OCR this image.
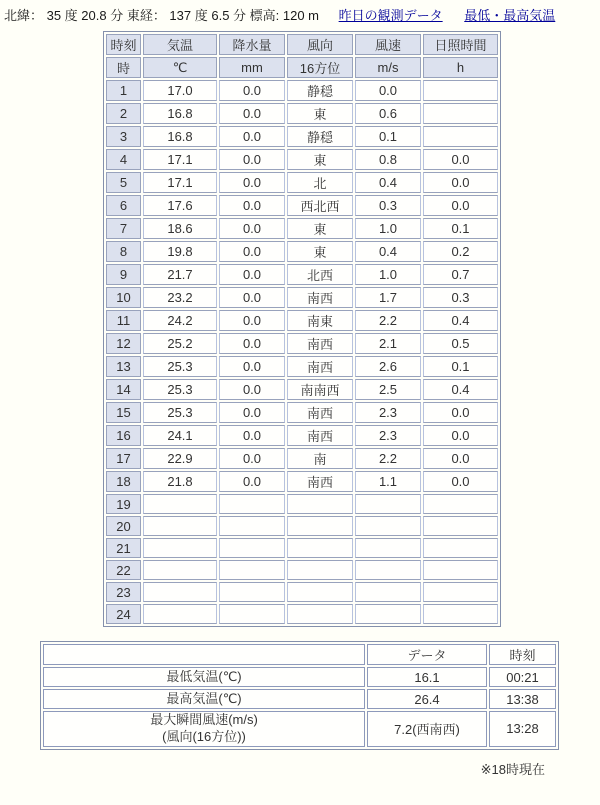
北緯： 35 度 20.8 分 東経： 137 度 6.5 分 標高: 120 m 昨日の観測データ 最低・最高気温
時刻	気温	降水量	風向	風速	日照時間
時	℃	mm	16方位	m/s	h
1	17.0	0.0	静穏	0.0	
2	16.8	0.0	東	0.6	
3	16.8	0.0	静穏	0.1	
4	17.1	0.0	東	0.8	0.0
5	17.1	0.0	北	0.4	0.0
6	17.6	0.0	西北西	0.3	0.0
7	18.6	0.0	東	1.0	0.1
8	19.8	0.0	東	0.4	0.2
9	21.7	0.0	北西	1.0	0.7
10	23.2	0.0	南西	1.7	0.3
11	24.2	0.0	南東	2.2	0.4
12	25.2	0.0	南西	2.1	0.5
13	25.3	0.0	南西	2.6	0.1
14	25.3	0.0	南南西	2.5	0.4
15	25.3	0.0	南西	2.3	0.0
16	24.1	0.0	南西	2.3	0.0
17	22.9	0.0	南	2.2	0.0
18	21.8	0.0	南西	1.1	0.0
19					
20					
21					
22					
23					
24					
	データ	時刻

最低気温(℃)	16.1	00:21

最高気温(℃)	26.4	13:38

最大瞬間風速(m/s)
(風向(16方位))	7.2(西南西)	13:28
※18時現在
